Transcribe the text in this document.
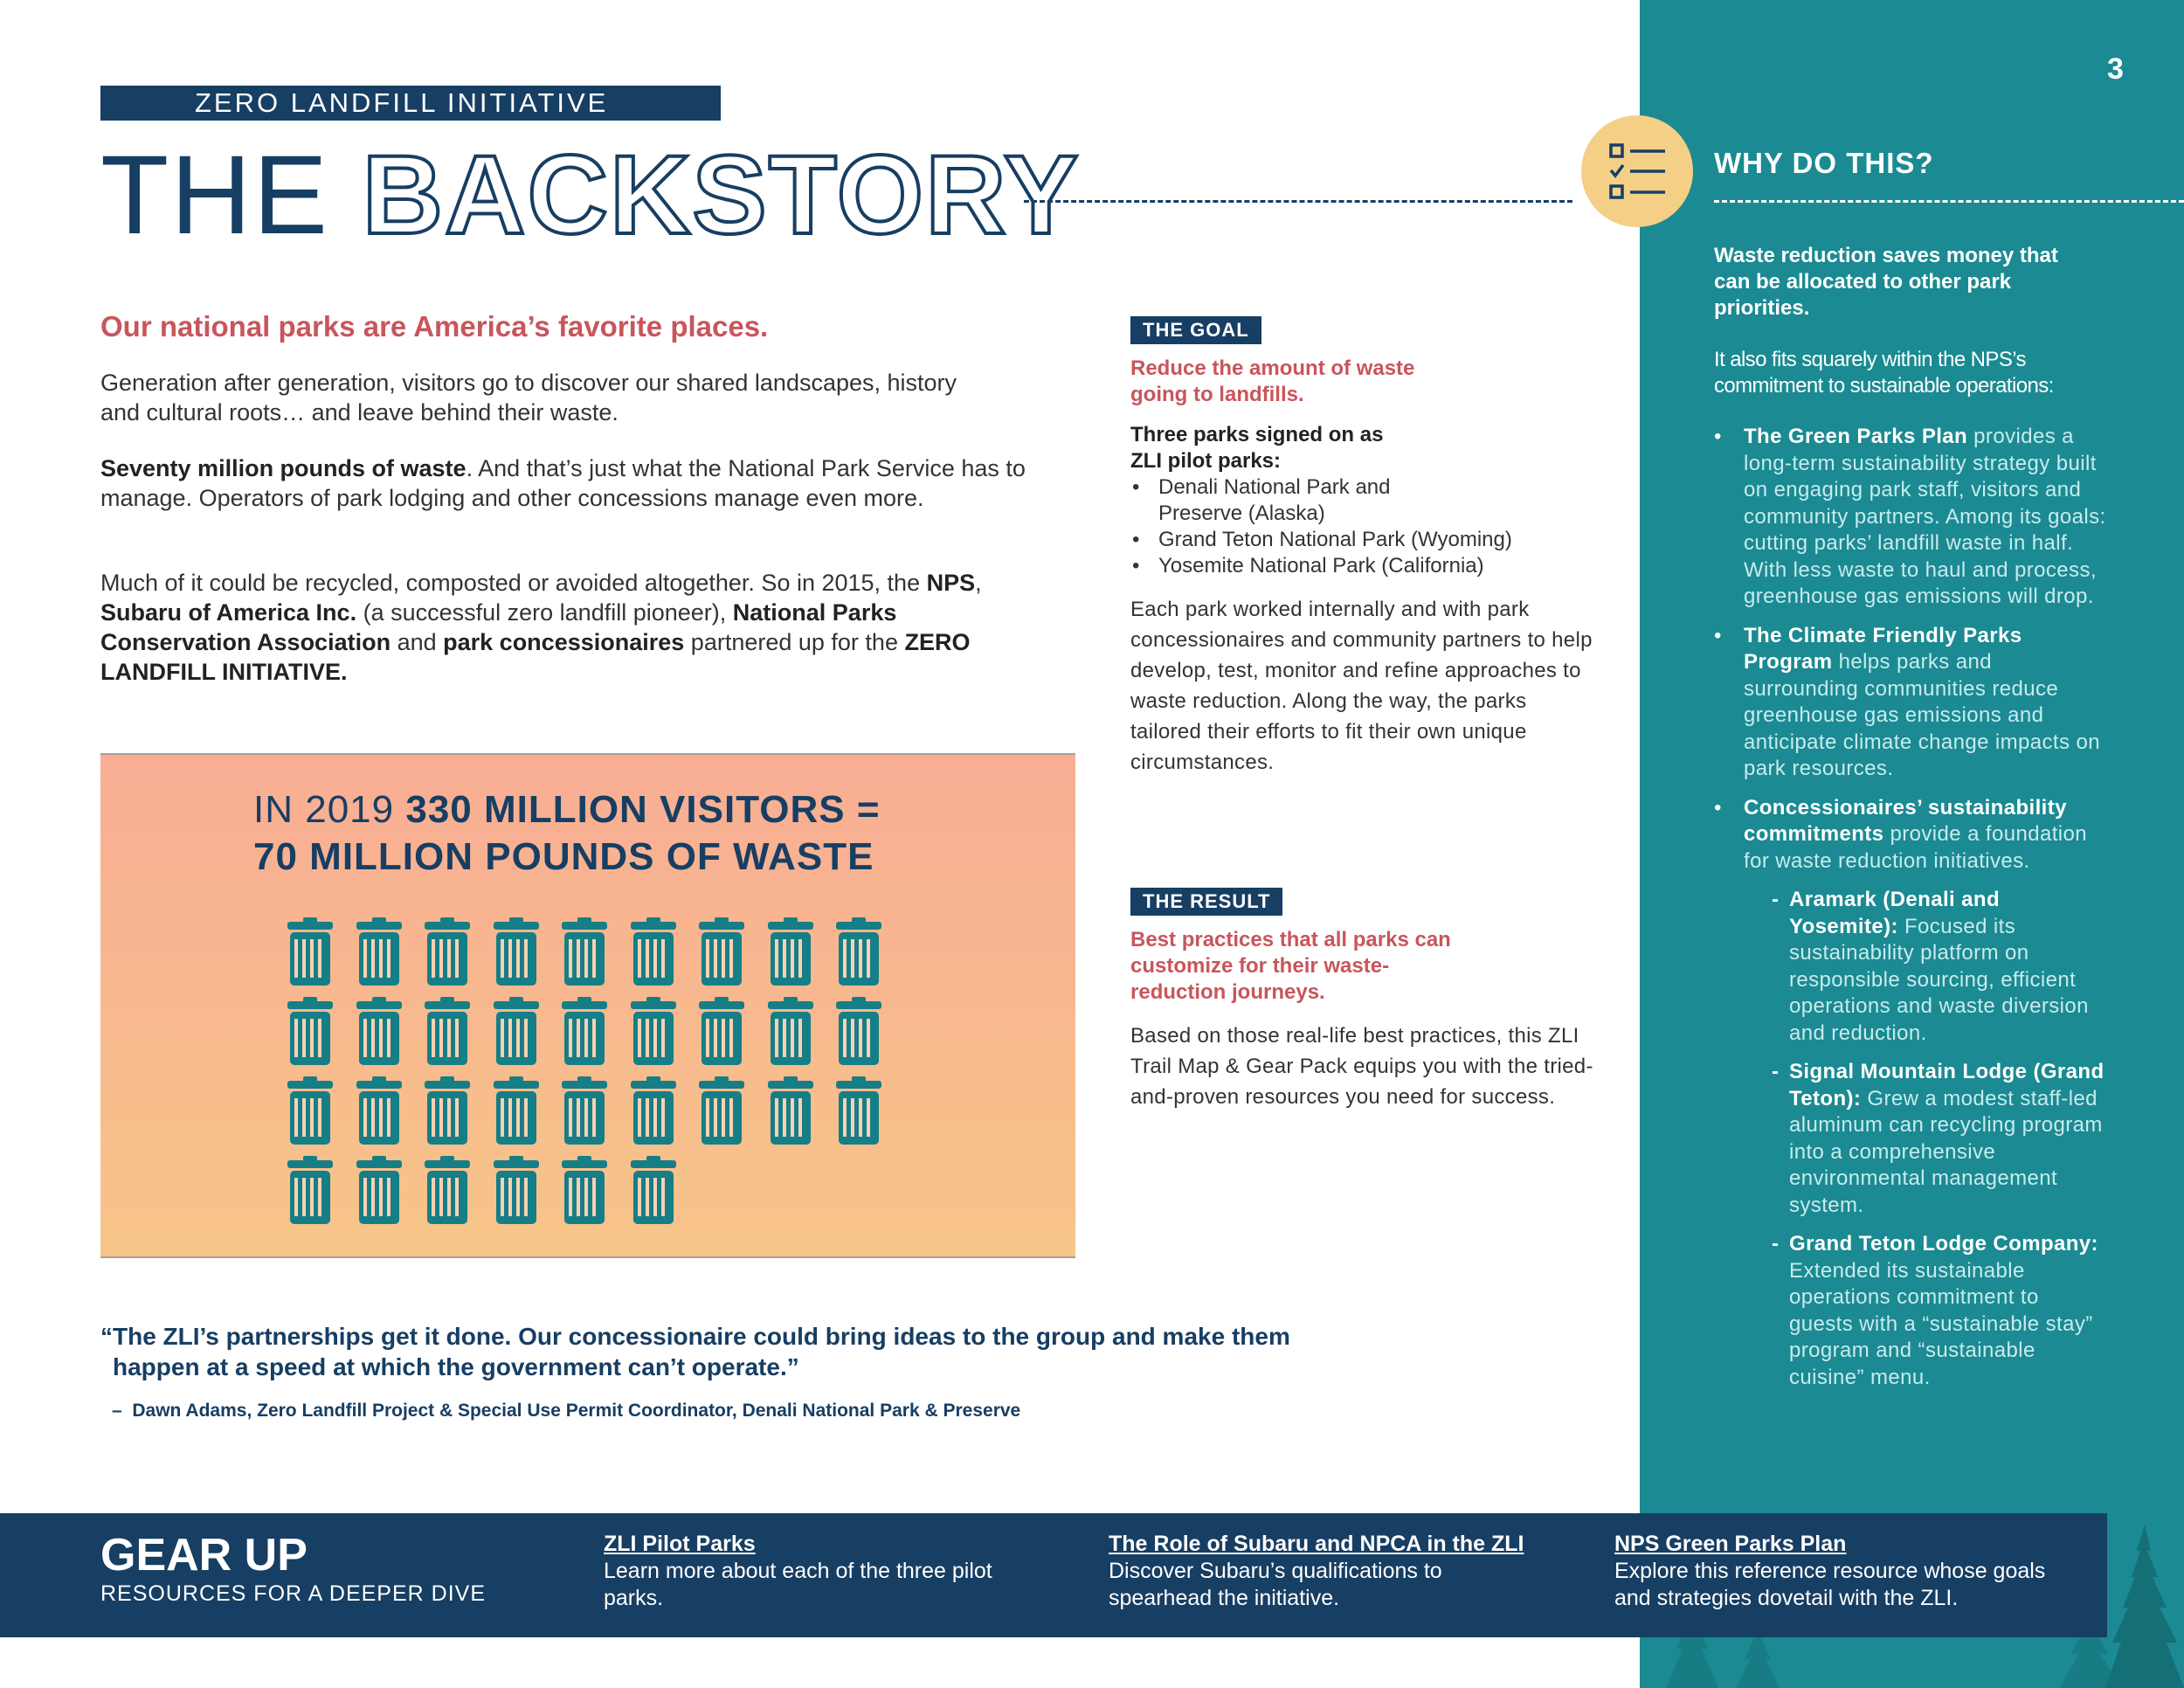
3
ZERO LANDFILL INITIATIVE
THE BACKSTORY	WHY DO THIS?
Waste reduction saves money that can be allocated to other park priorities.
It also fits squarely within the NPS’s commitment to sustainable operations:
• The Green Parks Plan provides a long-term sustainability strategy built on engaging park staff, visitors and community partners. Among its goals: cutting parks’ landfill waste in half. With less waste to haul and process, greenhouse gas emissions will drop.
• The Climate Friendly Parks Program helps parks and surrounding communities reduce greenhouse gas emissions and anticipate climate change impacts on park resources.
• Concessionaires’ sustainability commitments provide a foundation for waste reduction initiatives.
- Aramark (Denali and Yosemite): Focused its sustainability platform on responsible sourcing, efficient operations and waste diversion and reduction.
- Signal Mountain Lodge (Grand Teton): Grew a modest staff-led aluminum can recycling program into a comprehensive environmental management system.
- Grand Teton Lodge Company: Extended its sustainable operations commitment to guests with a “sustainable stay” program and “sustainable cuisine” menu.
Our national parks are America’s favorite places.
Generation after generation, visitors go to discover our shared landscapes, history and cultural roots… and leave behind their waste.
Seventy million pounds of waste. And that’s just what the National Park Service has to manage. Operators of park lodging and other concessions manage even more.
Much of it could be recycled, composted or avoided altogether. So in 2015, the NPS, Subaru of America Inc. (a successful zero landfill pioneer), National Parks Conservation Association and park concessionaires partnered up for the ZERO LANDFILL INITIATIVE.
IN 2019 330 MILLION VISITORS =
70 MILLION POUNDS OF WASTE
THE GOAL
Reduce the amount of waste going to landfills.
Three parks signed on as ZLI pilot parks:
• Denali National Park and Preserve (Alaska)
• Grand Teton National Park (Wyoming)
• Yosemite National Park (California)
Each park worked internally and with park concessionaires and community partners to help develop, test, monitor and refine approaches to waste reduction. Along the way, the parks tailored their efforts to fit their own unique circumstances.
THE RESULT
Best practices that all parks can customize for their waste-reduction journeys.
Based on those real-life best practices, this ZLI Trail Map & Gear Pack equips you with the tried-and-proven resources you need for success.
“The ZLI’s partnerships get it done. Our concessionaire could bring ideas to the group and make them
happen at a speed at which the government can’t operate.”
–  Dawn Adams, Zero Landfill Project & Special Use Permit Coordinator, Denali National Park & Preserve
GEAR UP
RESOURCES FOR A DEEPER DIVE
ZLI Pilot Parks
Learn more about each of the three pilot parks.
The Role of Subaru and NPCA in the ZLI
Discover Subaru’s qualifications to spearhead the initiative.
NPS Green Parks Plan
Explore this reference resource whose goals and strategies dovetail with the ZLI.
